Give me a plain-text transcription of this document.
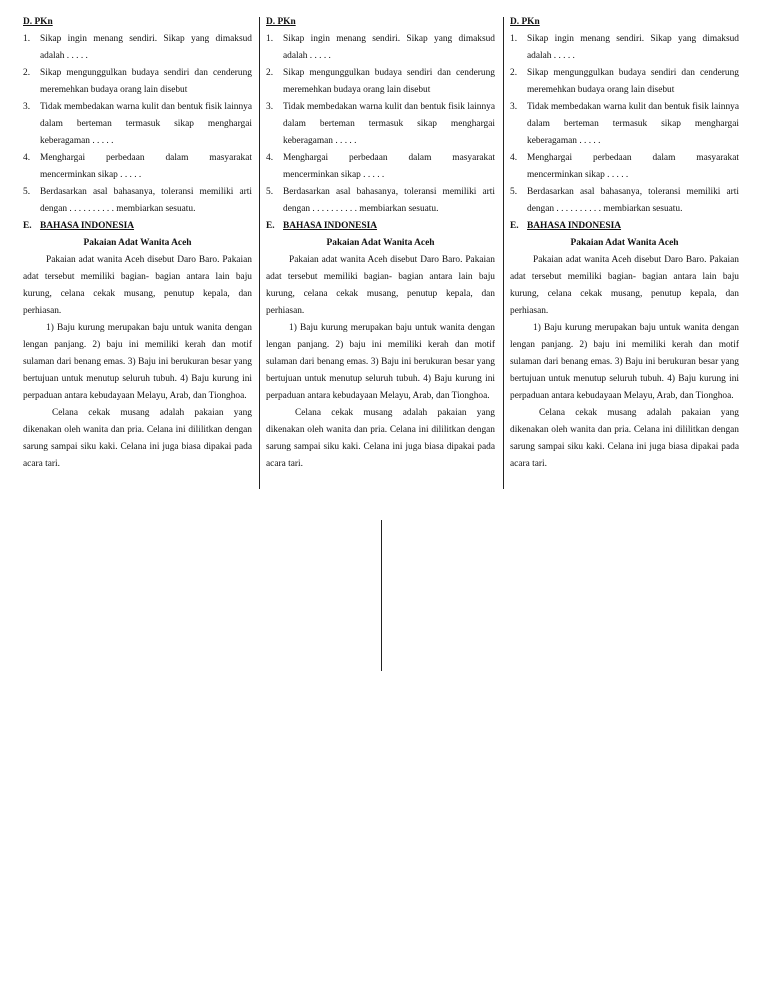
D. PKn
1. Sikap ingin menang sendiri. Sikap yang dimaksud adalah . . . . .
2. Sikap mengunggulkan budaya sendiri dan cenderung meremehkan budaya orang lain disebut
3. Tidak membedakan warna kulit dan bentuk fisik lainnya dalam berteman termasuk sikap menghargai keberagaman . . . . .
4. Menghargai perbedaan dalam masyarakat mencerminkan sikap . . . . .
5. Berdasarkan asal bahasanya, toleransi memiliki arti dengan . . . . . . . . . . membiarkan sesuatu.
E. BAHASA INDONESIA
Pakaian Adat Wanita Aceh

Pakaian adat wanita Aceh disebut Daro Baro. Pakaian adat tersebut memiliki bagian- bagian antara lain baju kurung, celana cekak musang, penutup kepala, dan perhiasan.

1) Baju kurung merupakan baju untuk wanita dengan lengan panjang. 2) baju ini memiliki kerah dan motif sulaman dari benang emas. 3) Baju ini berukuran besar yang bertujuan untuk menutup seluruh tubuh. 4) Baju kurung ini perpaduan antara kebudayaan Melayu, Arab, dan Tionghoa.

Celana cekak musang adalah pakaian yang dikenakan oleh wanita dan pria. Celana ini dililitkan dengan sarung sampai siku kaki. Celana ini juga biasa dipakai pada acara tari.

D. PKn
1. Sikap ingin menang sendiri. Sikap yang dimaksud adalah . . . . .
2. Sikap mengunggulkan budaya sendiri dan cenderung meremehkan budaya orang lain disebut
3. Tidak membedakan warna kulit dan bentuk fisik lainnya dalam berteman termasuk sikap menghargai keberagaman . . . . .
4. Menghargai perbedaan dalam masyarakat mencerminkan sikap . . . . .
5. Berdasarkan asal bahasanya, toleransi memiliki arti dengan . . . . . . . . . . membiarkan sesuatu.
E. BAHASA INDONESIA
Pakaian Adat Wanita Aceh

Pakaian adat wanita Aceh disebut Daro Baro. Pakaian adat tersebut memiliki bagian- bagian antara lain baju kurung, celana cekak musang, penutup kepala, dan perhiasan.

1) Baju kurung merupakan baju untuk wanita dengan lengan panjang. 2) baju ini memiliki kerah dan motif sulaman dari benang emas. 3) Baju ini berukuran besar yang bertujuan untuk menutup seluruh tubuh. 4) Baju kurung ini perpaduan antara kebudayaan Melayu, Arab, dan Tionghoa.

Celana cekak musang adalah pakaian yang dikenakan oleh wanita dan pria. Celana ini dililitkan dengan sarung sampai siku kaki. Celana ini juga biasa dipakai pada acara tari.

D. PKn
1. Sikap ingin menang sendiri. Sikap yang dimaksud adalah . . . . .
2. Sikap mengunggulkan budaya sendiri dan cenderung meremehkan budaya orang lain disebut
3. Tidak membedakan warna kulit dan bentuk fisik lainnya dalam berteman termasuk sikap menghargai keberagaman . . . . .
4. Menghargai perbedaan dalam masyarakat mencerminkan sikap . . . . .
5. Berdasarkan asal bahasanya, toleransi memiliki arti dengan . . . . . . . . . . membiarkan sesuatu.
E. BAHASA INDONESIA
Pakaian Adat Wanita Aceh

Pakaian adat wanita Aceh disebut Daro Baro. Pakaian adat tersebut memiliki bagian- bagian antara lain baju kurung, celana cekak musang, penutup kepala, dan perhiasan.

1) Baju kurung merupakan baju untuk wanita dengan lengan panjang. 2) baju ini memiliki kerah dan motif sulaman dari benang emas. 3) Baju ini berukuran besar yang bertujuan untuk menutup seluruh tubuh. 4) Baju kurung ini perpaduan antara kebudayaan Melayu, Arab, dan Tionghoa.

Celana cekak musang adalah pakaian yang dikenakan oleh wanita dan pria. Celana ini dililitkan dengan sarung sampai siku kaki. Celana ini juga biasa dipakai pada acara tari.
